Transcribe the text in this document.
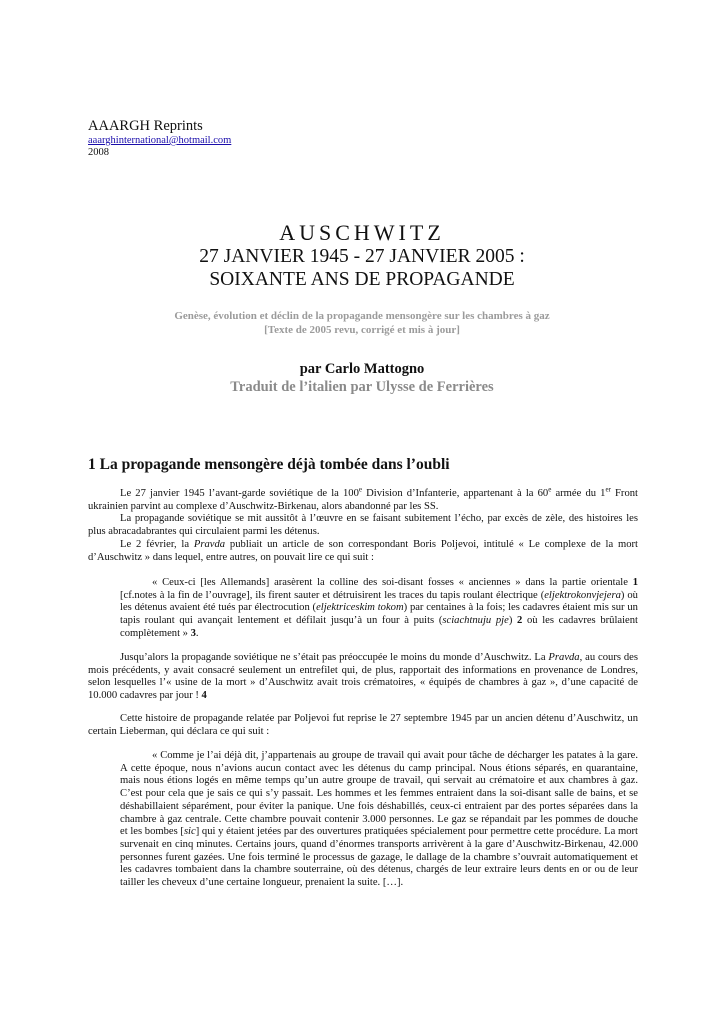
AAARGH Reprints
aaarghinternational@hotmail.com
2008
AUSCHWITZ
27 JANVIER 1945 - 27 JANVIER 2005 :
SOIXANTE ANS DE PROPAGANDE
Genèse, évolution et déclin de la propagande mensongère sur les chambres à gaz
[Texte de 2005 revu, corrigé et mis à jour]
par Carlo Mattogno
Traduit de l’italien par Ulysse de Ferrières
1 La propagande mensongère déjà tombée dans l’oubli

Le 27 janvier 1945 l’avant-garde soviétique de la 100e Division d’Infanterie, appartenant à la 60e armée du 1er Front ukrainien parvint au complexe d’Auschwitz-Birkenau, alors abandonné par les SS.

La propagande soviétique se mit aussitôt à l’œuvre en se faisant subitement l’écho, par excès de zèle, des histoires les plus abracadabrantes qui circulaient parmi les détenus.

Le 2 février, la Pravda publiait un article de son correspondant Boris Poljevoi, intitulé « Le complexe de la mort d’Auschwitz » dans lequel, entre autres, on pouvait lire ce qui suit :

« Ceux-ci [les Allemands] arasèrent la colline des soi-disant fosses « anciennes » dans la partie orientale 1 [cf.notes à la fin de l’ouvrage], ils firent sauter et détruisirent les traces du tapis roulant électrique (eljektrokonvjejera) où les détenus avaient été tués par électrocution (eljektriceskim tokom) par centaines à la fois; les cadavres étaient mis sur un tapis roulant qui avançait lentement et défilait jusqu’à un four à puits (sciachtnuju pje) 2 où les cadavres brûlaient complètement » 3.

Jusqu’alors la propagande soviétique ne s’était pas préoccupée le moins du monde d’Auschwitz. La Pravda, au cours des mois précédents, y avait consacré seulement un entrefilet qui, de plus, rapportait des informations en provenance de Londres, selon lesquelles l’« usine de la mort » d’Auschwitz avait trois crématoires, « équipés de chambres à gaz », d’une capacité de 10.000 cadavres par jour ! 4

Cette histoire de propagande relatée par Poljevoi fut reprise le 27 septembre 1945 par un ancien détenu d’Auschwitz, un certain Lieberman, qui déclara ce qui suit :

« Comme je l’ai déjà dit, j’appartenais au groupe de travail qui avait pour tâche de décharger les patates à la gare. A cette époque, nous n’avions aucun contact avec les détenus du camp principal. Nous étions séparés, en quarantaine, mais nous étions logés en même temps qu’un autre groupe de travail, qui servait au crématoire et aux chambres à gaz. C’est pour cela que je sais ce qui s’y passait. Les hommes et les femmes entraient dans la soi-disant salle de bains, et se déshabillaient séparément, pour éviter la panique. Une fois déshabillés, ceux-ci entraient par des portes séparées dans la chambre à gaz centrale. Cette chambre pouvait contenir 3.000 personnes. Le gaz se répandait par les pommes de douche et les bombes [sic] qui y étaient jetées par des ouvertures pratiquées spécialement pour permettre cette procédure. La mort survenait en cinq minutes. Certains jours, quand d’énormes transports arrivèrent à la gare d’Auschwitz-Birkenau, 42.000 personnes furent gazées. Une fois terminé le processus de gazage, le dallage de la chambre s’ouvrait automatiquement et les cadavres tombaient dans la chambre souterraine, où des détenus, chargés de leur extraire leurs dents en or ou de leur tailler les cheveux d’une certaine longueur, prenaient la suite. […].
